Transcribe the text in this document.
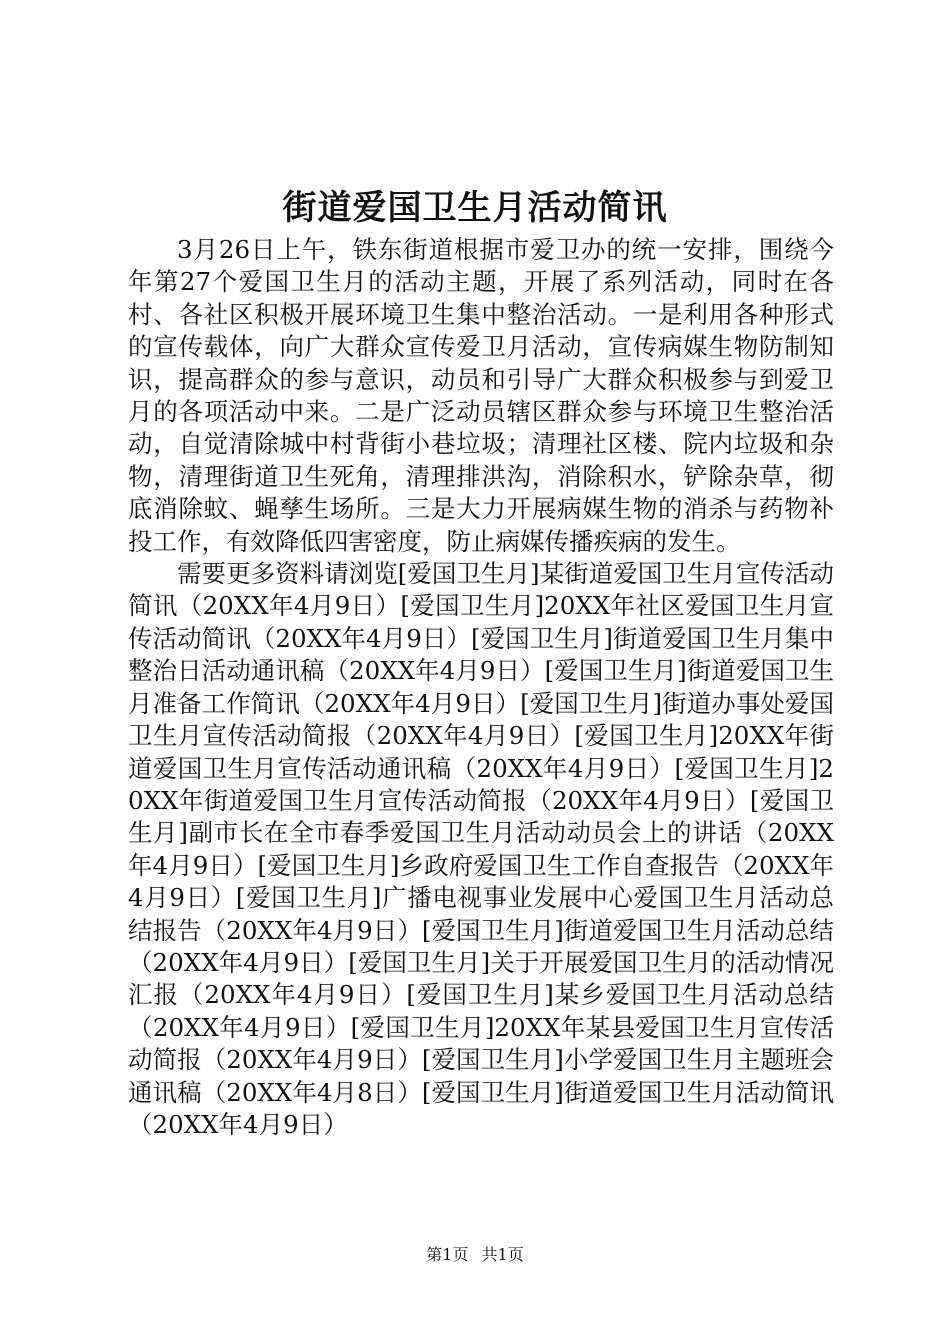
街道爱国卫生月活动简讯

3月26日上午，铁东街道根据市爱卫办的统一安排，围绕今年第27个爱国卫生月的活动主题，开展了系列活动，同时在各村、各社区积极开展环境卫生集中整治活动。一是利用各种形式的宣传载体，向广大群众宣传爱卫月活动，宣传病媒生物防制知识，提高群众的参与意识，动员和引导广大群众积极参与到爱卫月的各项活动中来。二是广泛动员辖区群众参与环境卫生整治活动，自觉清除城中村背街小巷垃圾；清理社区楼、院内垃圾和杂物，清理街道卫生死角，清理排洪沟，消除积水，铲除杂草，彻底消除蚊、蝇孳生场所。三是大力开展病媒生物的消杀与药物补投工作，有效降低四害密度，防止病媒传播疾病的发生。

需要更多资料请浏览[爱国卫生月]某街道爱国卫生月宣传活动简讯（20XX年4月9日）[爱国卫生月]20XX年社区爱国卫生月宣传活动简讯（20XX年4月9日）[爱国卫生月]街道爱国卫生月集中整治日活动通讯稿（20XX年4月9日）[爱国卫生月]街道爱国卫生月准备工作简讯（20XX年4月9日）[爱国卫生月]街道办事处爱国卫生月宣传活动简报（20XX年4月9日）[爱国卫生月]20XX年街道爱国卫生月宣传活动通讯稿（20XX年4月9日）[爱国卫生月]20XX年街道爱国卫生月宣传活动简报（20XX年4月9日）[爱国卫生月]副市长在全市春季爱国卫生月活动动员会上的讲话（20XX年4月9日）[爱国卫生月]乡政府爱国卫生工作自查报告（20XX年4月9日）[爱国卫生月]广播电视事业发展中心爱国卫生月活动总结报告（20XX年4月9日）[爱国卫生月]街道爱国卫生月活动总结（20XX年4月9日）[爱国卫生月]关于开展爱国卫生月的活动情况汇报（20XX年4月9日）[爱国卫生月]某乡爱国卫生月活动总结（20XX年4月9日）[爱国卫生月]20XX年某县爱国卫生月宣传活动简报（20XX年4月9日）[爱国卫生月]小学爱国卫生月主题班会通讯稿（20XX年4月8日）[爱国卫生月]街道爱国卫生月活动简讯（20XX年4月9日）

第1页 共1页
